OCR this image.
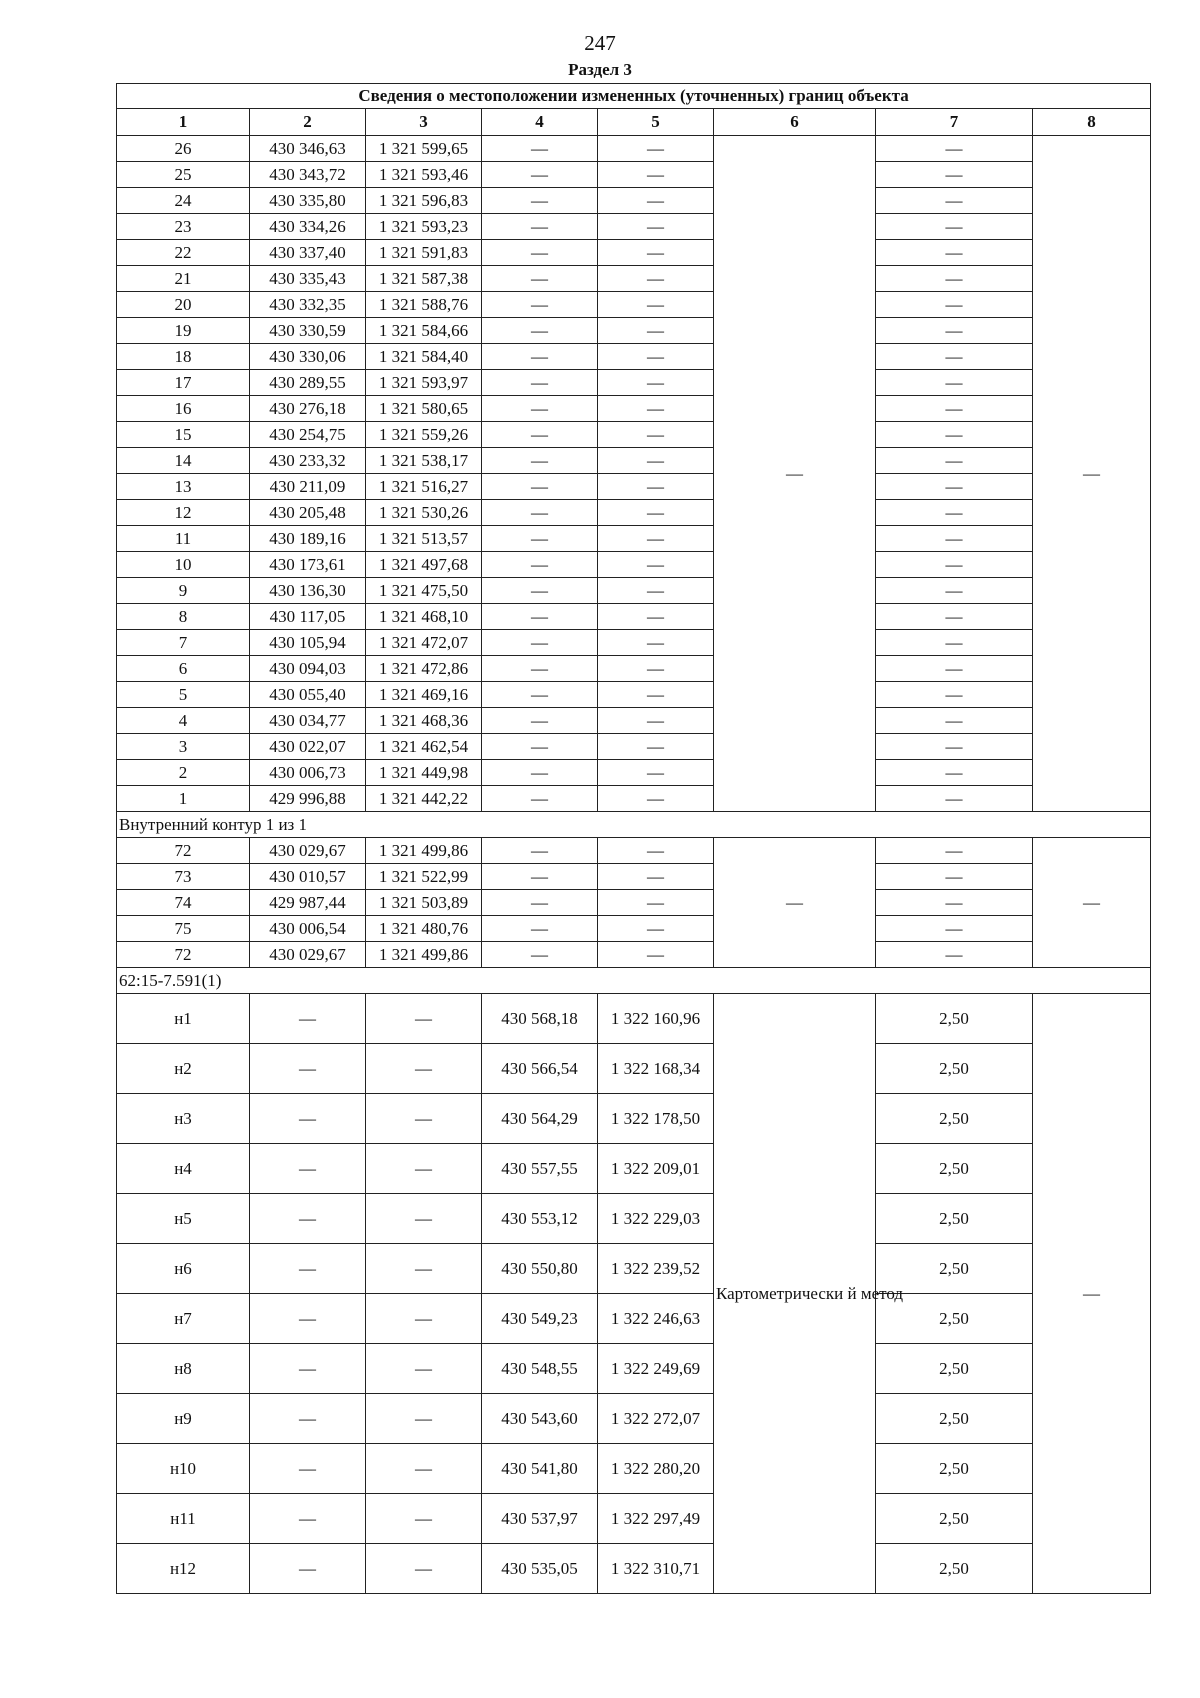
247
Раздел 3
Сведения о местоположении измененных (уточненных) границ объекта							
1	2	3	4	5	6	7	8
26	430 346,63	1 321 599,65	—	—	—	—	—
25	430 343,72	1 321 593,46	—	—		—	
24	430 335,80	1 321 596,83	—	—		—	
23	430 334,26	1 321 593,23	—	—		—	
22	430 337,40	1 321 591,83	—	—		—	
21	430 335,43	1 321 587,38	—	—		—	
20	430 332,35	1 321 588,76	—	—		—	
19	430 330,59	1 321 584,66	—	—		—	
18	430 330,06	1 321 584,40	—	—		—	
17	430 289,55	1 321 593,97	—	—		—	
16	430 276,18	1 321 580,65	—	—		—	
15	430 254,75	1 321 559,26	—	—		—	
14	430 233,32	1 321 538,17	—	—		—	
13	430 211,09	1 321 516,27	—	—		—	
12	430 205,48	1 321 530,26	—	—		—	
11	430 189,16	1 321 513,57	—	—		—	
10	430 173,61	1 321 497,68	—	—		—	
9	430 136,30	1 321 475,50	—	—		—	
8	430 117,05	1 321 468,10	—	—		—	
7	430 105,94	1 321 472,07	—	—		—	
6	430 094,03	1 321 472,86	—	—		—	
5	430 055,40	1 321 469,16	—	—		—	
4	430 034,77	1 321 468,36	—	—		—	
3	430 022,07	1 321 462,54	—	—		—	
2	430 006,73	1 321 449,98	—	—		—	
1	429 996,88	1 321 442,22	—	—		—	
Внутренний контур 1 из 1							
72	430 029,67	1 321 499,86	—	—	—	—	—
73	430 010,57	1 321 522,99	—	—		—	
74	429 987,44	1 321 503,89	—	—		—	
75	430 006,54	1 321 480,76	—	—		—	
72	430 029,67	1 321 499,86	—	—		—	
62:15-7.591(1)							
н1	—	—	430 568,18	1 322 160,96	Картометрически й метод	2,50	—
н2	—	—	430 566,54	1 322 168,34		2,50	
н3	—	—	430 564,29	1 322 178,50		2,50	
н4	—	—	430 557,55	1 322 209,01		2,50	
н5	—	—	430 553,12	1 322 229,03		2,50	
н6	—	—	430 550,80	1 322 239,52		2,50	
н7	—	—	430 549,23	1 322 246,63		2,50	
н8	—	—	430 548,55	1 322 249,69		2,50	
н9	—	—	430 543,60	1 322 272,07		2,50	
н10	—	—	430 541,80	1 322 280,20		2,50	
н11	—	—	430 537,97	1 322 297,49		2,50	
н12	—	—	430 535,05	1 322 310,71		2,50	
